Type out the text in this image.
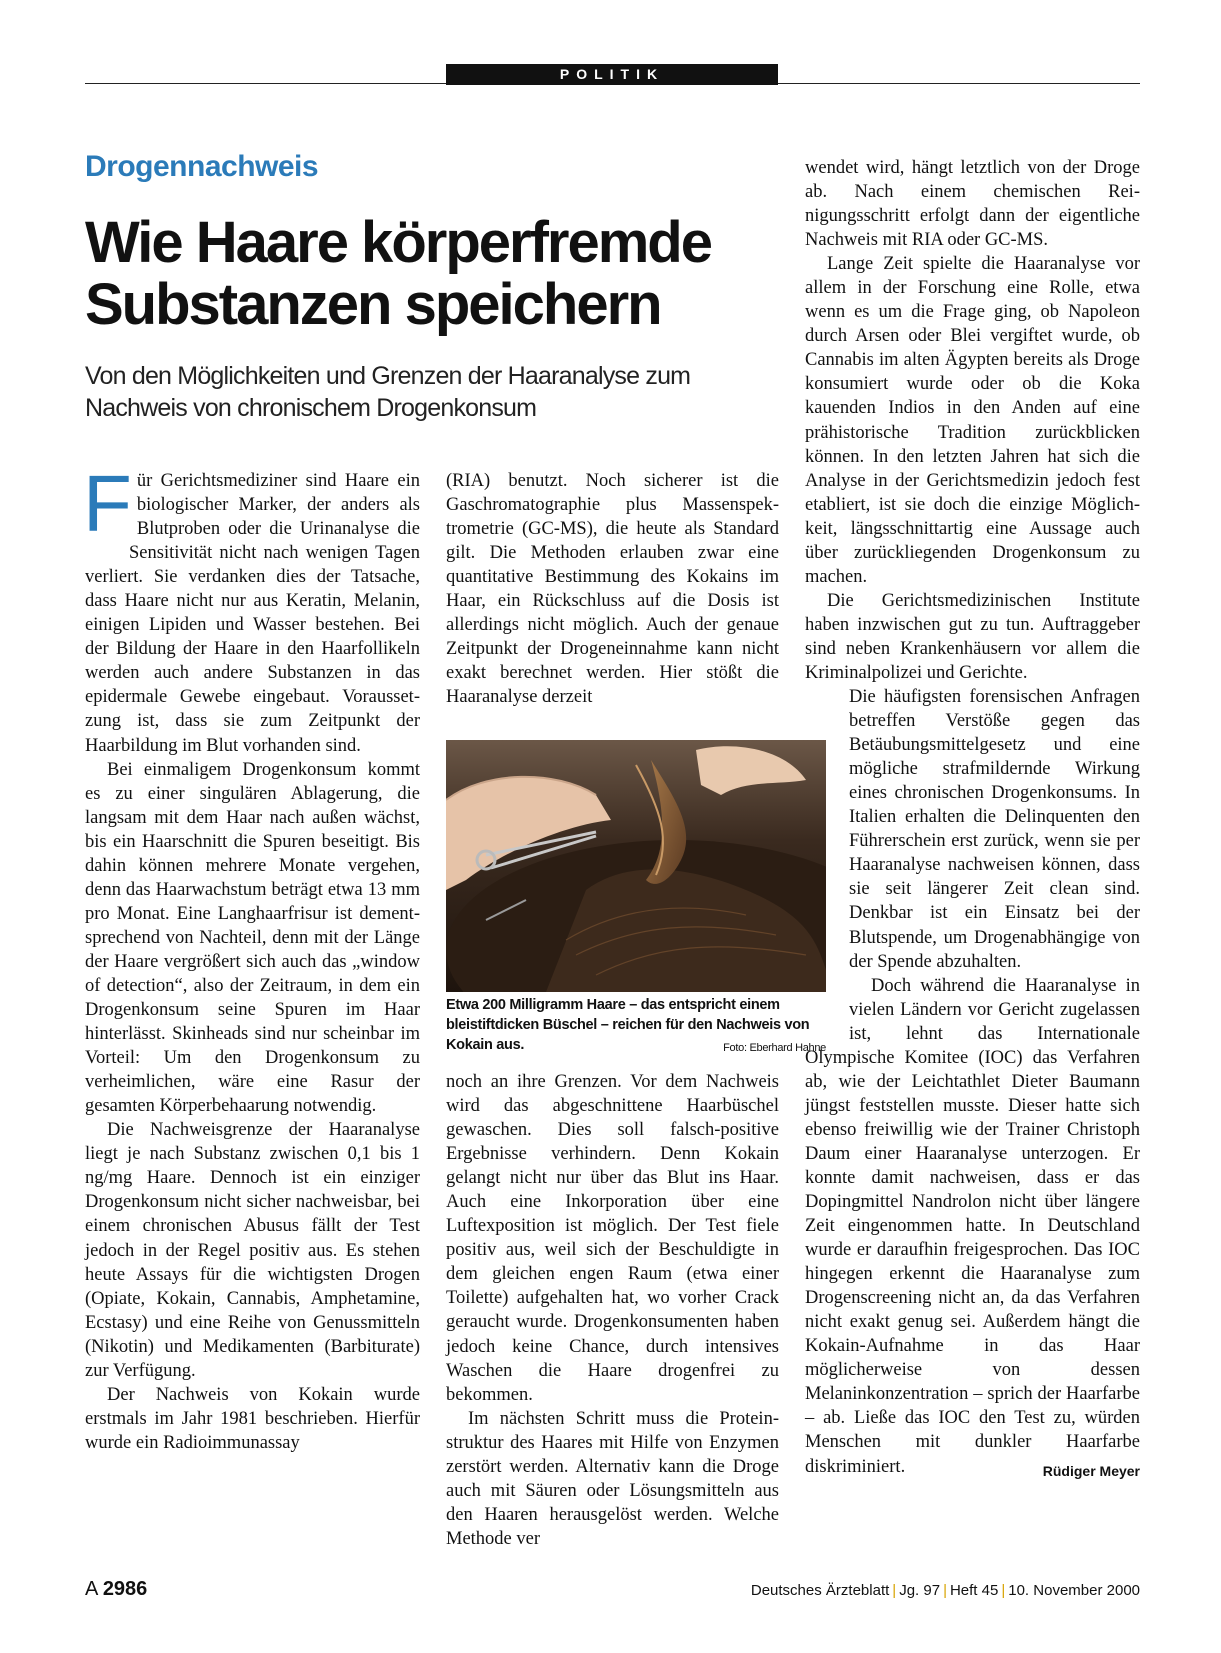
POLITIK
Drogennachweis
Wie Haare körperfremde
Substanzen speichern
Von den Möglichkeiten und Grenzen der Haaranalyse zum
Nachweis von chronischem Drogenkonsum
F ür Gerichtsmediziner sind Haare ein biologischer Marker, der anders als Blutproben oder die Urinanalyse die Sensitivität nicht nach wenigen Tagen verliert. Sie verdanken dies der Tatsache, dass Haare nicht nur aus Keratin, Melanin, einigen Lipiden und Wasser bestehen. Bei der Bildung der Haare in den Haarfollikeln werden auch andere Substanzen in das epidermale Gewebe eingebaut. Voraussetzung ist, dass sie zum Zeitpunkt der Haarbildung im Blut vorhanden sind.

Bei einmaligem Drogenkonsum kommt es zu einer singulären Ablagerung, die langsam mit dem Haar nach außen wächst, bis ein Haarschnitt die Spuren beseitigt. Bis dahin können mehrere Monate vergehen, denn das Haarwachstum beträgt etwa 13 mm pro Monat. Eine Langhaarfrisur ist dementsprechend von Nachteil, denn mit der Länge der Haare vergrößert sich auch das „window of detection“, also der Zeitraum, in dem ein Drogenkonsum seine Spuren im Haar hinterlässt. Skinheads sind nur scheinbar im Vorteil: Um den Drogenkonsum zu verheimlichen, wäre eine Rasur der gesamten Körperbehaarung notwendig.

Die Nachweisgrenze der Haaranalyse liegt je nach Substanz zwischen 0,1 bis 1 ng/mg Haare. Dennoch ist ein einziger Drogenkonsum nicht sicher nachweisbar, bei einem chronischen Abusus fällt der Test jedoch in der Regel positiv aus. Es stehen heute Assays für die wichtigsten Drogen (Opiate, Kokain, Cannabis, Amphetamine, Ecstasy) und eine Reihe von Genussmitteln (Nikotin) und Medikamenten (Barbiturate) zur Verfügung.

Der Nachweis von Kokain wurde erstmals im Jahr 1981 beschrieben. Hierfür wurde ein Radioimmunassay

(RIA) benutzt. Noch sicherer ist die Gaschromatographie plus Massenspektrometrie (GC-MS), die heute als Standard gilt. Die Methoden erlauben zwar eine quantitative Bestimmung des Kokains im Haar, ein Rückschluss auf die Dosis ist allerdings nicht möglich. Auch der genaue Zeitpunkt der Drogeneinnahme kann nicht exakt berechnet werden. Hier stößt die Haaranalyse derzeit

Etwa 200 Milligramm Haare – das entspricht einem bleistiftdicken Büschel – reichen für den Nachweis von Kokain aus.	Foto: Eberhard Hahne

noch an ihre Grenzen. Vor dem Nachweis wird das abgeschnittene Haarbüschel gewaschen. Dies soll falsch-positive Ergebnisse verhindern. Denn Kokain gelangt nicht nur über das Blut ins Haar. Auch eine Inkorporation über eine Luftexposition ist möglich. Der Test fiele positiv aus, weil sich der Beschuldigte in dem gleichen engen Raum (etwa einer Toilette) aufgehalten hat, wo vorher Crack geraucht wurde. Drogenkonsumenten haben jedoch keine Chance, durch intensives Waschen die Haare drogenfrei zu bekommen.

Im nächsten Schritt muss die Proteinstruktur des Haares mit Hilfe von Enzymen zerstört werden. Alternativ kann die Droge auch mit Säuren oder Lösungsmitteln aus den Haaren herausgelöst werden. Welche Methode ver

wendet wird, hängt letztlich von der Droge ab. Nach einem chemischen Reinigungsschritt erfolgt dann der eigentliche Nachweis mit RIA oder GC-MS.

Lange Zeit spielte die Haaranalyse vor allem in der Forschung eine Rolle, etwa wenn es um die Frage ging, ob Napoleon durch Arsen oder Blei vergiftet wurde, ob Cannabis im alten Ägypten bereits als Droge konsumiert wurde oder ob die Koka kauenden Indios in den Anden auf eine prähistorische Tradition zurückblicken können. In den letzten Jahren hat sich die Analyse in der Gerichtsmedizin jedoch fest etabliert, ist sie doch die einzige Möglichkeit, längsschnittartig eine Aussage auch über zurückliegenden Drogenkonsum zu machen.

Die Gerichtsmedizinischen Institute haben inzwischen gut zu tun. Auftraggeber sind neben Krankenhäusern vor allem die Kriminalpolizei und Gerichte.

Die häufigsten forensischen Anfragen betreffen Verstöße gegen das Betäubungsmittelgesetz und eine mögliche strafmildernde Wirkung eines chronischen Drogenkonsums. In Italien erhalten die Delinquenten den Führerschein erst zurück, wenn sie per Haaranalyse nachweisen können, dass sie seit längerer Zeit clean sind. Denkbar ist ein Einsatz bei der Blutspende, um Drogenabhängige von der Spende abzuhalten.

Doch während die Haaranalyse in vielen Ländern vor Gericht zugelassen ist, lehnt das Internationale Olympische Komitee (IOC) das Verfahren ab, wie der Leichtathlet Dieter Baumann jüngst feststellen musste. Dieser hatte sich ebenso freiwillig wie der Trainer Christoph Daum einer Haaranalyse unterzogen. Er konnte damit nachweisen, dass er das Dopingmittel Nandrolon nicht über längere Zeit eingenommen hatte. In Deutschland wurde er daraufhin freigesprochen. Das IOC hingegen erkennt die Haaranalyse zum Drogenscreening nicht an, da das Verfahren nicht exakt genug sei. Außerdem hängt die Kokain-Aufnahme in das Haar möglicherweise von dessen Melaninkonzentration – sprich der Haarfarbe – ab. Ließe das IOC den Test zu, würden Menschen mit dunkler Haarfarbe diskriminiert.	Rüdiger Meyer

A 2986	Deutsches Ärzteblatt | Jg. 97 | Heft 45 | 10. November 2000
